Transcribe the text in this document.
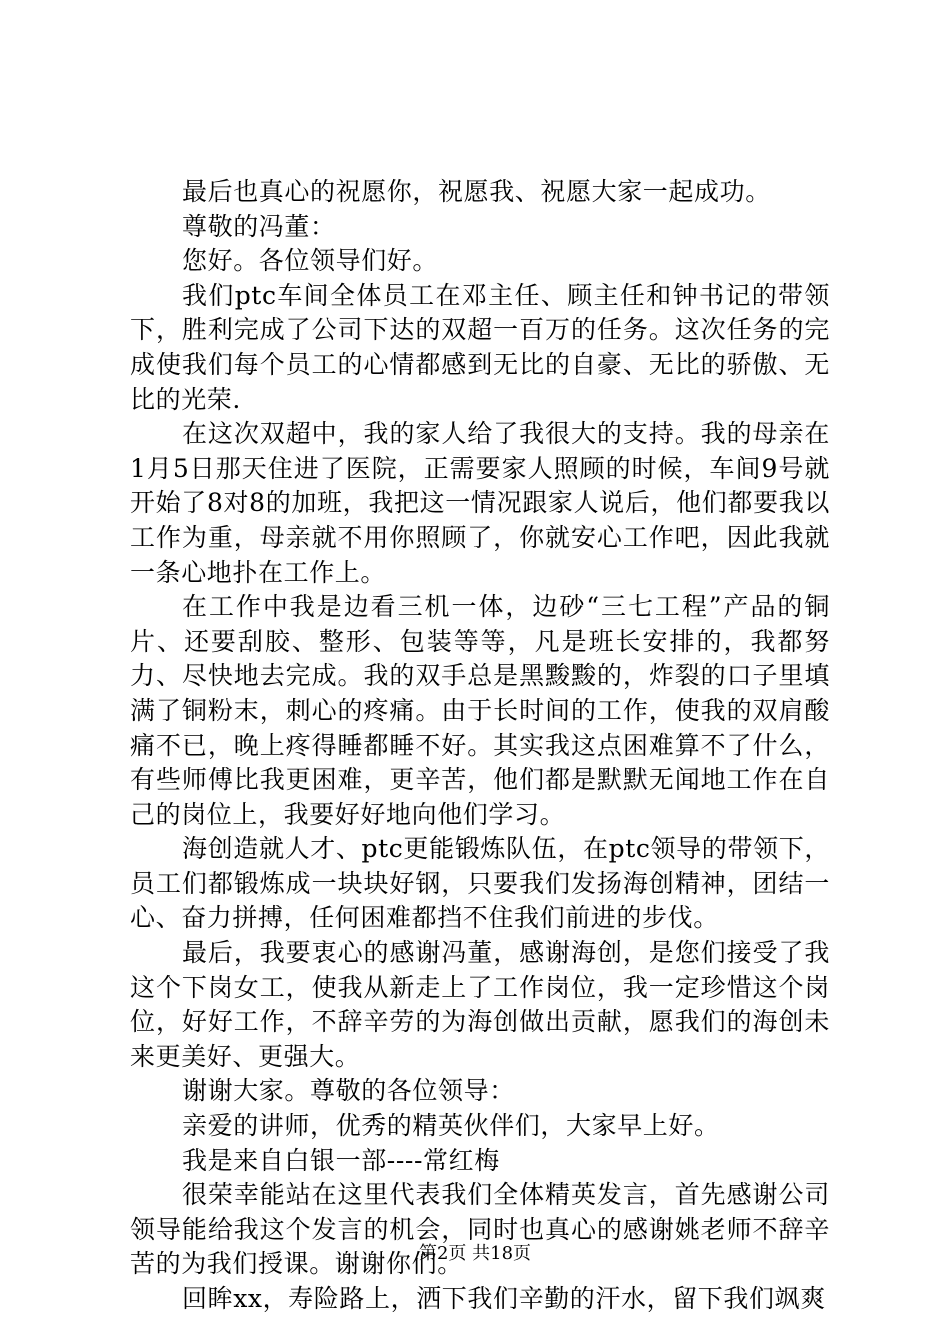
最后也真心的祝愿你，祝愿我、祝愿大家一起成功。

尊敬的冯董：

您好。各位领导们好。

我们ptc车间全体员工在邓主任、顾主任和钟书记的带领下，胜利完成了公司下达的双超一百万的任务。这次任务的完成使我们每个员工的心情都感到无比的自豪、无比的骄傲、无比的光荣.

在这次双超中，我的家人给了我很大的支持。我的母亲在1月5日那天住进了医院，正需要家人照顾的时候，车间9号就开始了8对8的加班，我把这一情况跟家人说后，他们都要我以工作为重，母亲就不用你照顾了，你就安心工作吧，因此我就一条心地扑在工作上。

在工作中我是边看三机一体，边砂“三七工程”产品的铜片、还要刮胶、整形、包装等等，凡是班长安排的，我都努力、尽快地去完成。我的双手总是黑黢黢的，炸裂的口子里填满了铜粉末，刺心的疼痛。由于长时间的工作，使我的双肩酸痛不已，晚上疼得睡都睡不好。其实我这点困难算不了什么，有些师傅比我更困难，更辛苦，他们都是默默无闻地工作在自己的岗位上，我要好好地向他们学习。

海创造就人才、ptc更能锻炼队伍，在ptc领导的带领下，员工们都锻炼成一块块好钢，只要我们发扬海创精神，团结一心、奋力拼搏，任何困难都挡不住我们前进的步伐。

最后，我要衷心的感谢冯董，感谢海创，是您们接受了我这个下岗女工，使我从新走上了工作岗位，我一定珍惜这个岗位，好好工作，不辞辛劳的为海创做出贡献，愿我们的海创未来更美好、更强大。

谢谢大家。尊敬的各位领导：

亲爱的讲师，优秀的精英伙伴们，大家早上好。

我是来自白银一部----常红梅

很荣幸能站在这里代表我们全体精英发言，首先感谢公司领导能给我这个发言的机会，同时也真心的感谢姚老师不辞辛苦的为我们授课。谢谢你们。

回眸xx，寿险路上，洒下我们辛勤的汗水，留下我们飒爽

第2页 共18页
